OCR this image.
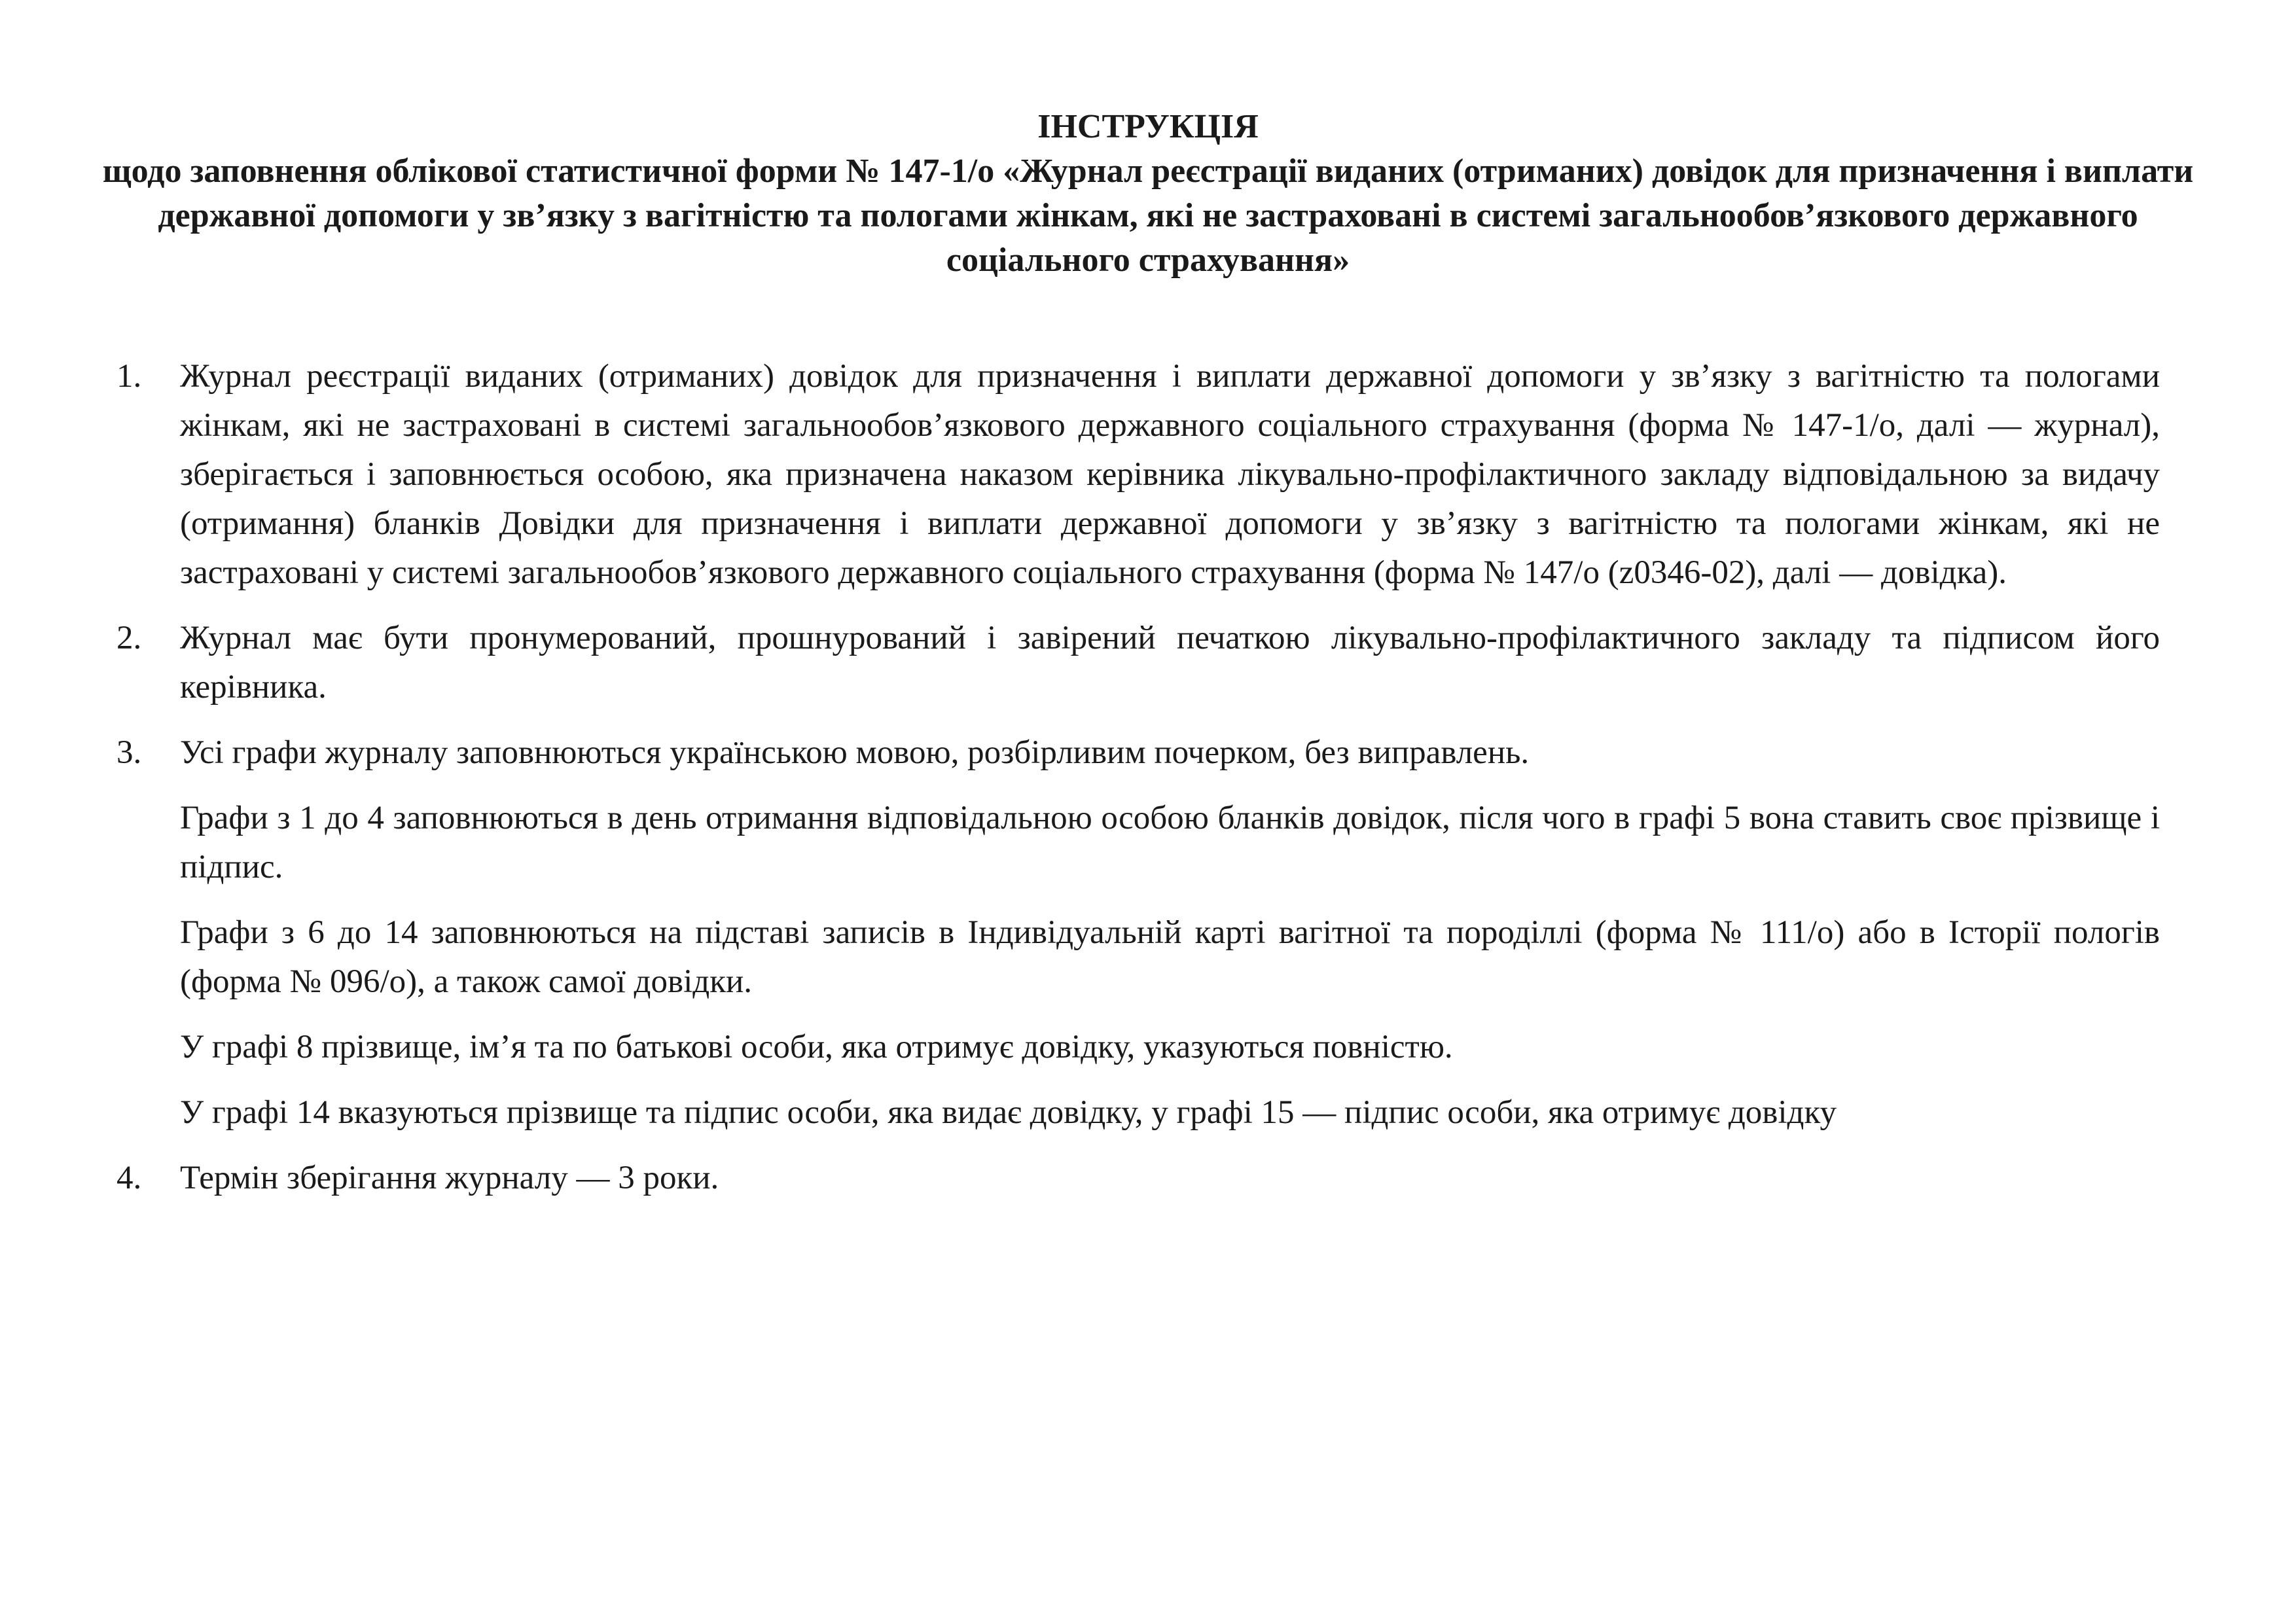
ІНСТРУКЦІЯ
щодо заповнення облікової статистичної форми № 147-1/о «Журнал реєстрації виданих (отриманих) довідок для призначення і виплати державної допомоги у зв’язку з вагітністю та пологами жінкам, які не застраховані в системі загальнообов’язкового державного соціального страхування»
1. Журнал реєстрації виданих (отриманих) довідок для призначення і виплати державної допомоги у зв’язку з вагітністю та пологами жінкам, які не застраховані в системі загальнообов’язкового державного соціального страхування (форма № 147-1/о, далі — журнал), зберігається і заповнюється особою, яка призначена наказом керівника лікувально-профілактичного закладу відповідальною за видачу (отримання) бланків Довідки для призначення і виплати державної допомоги у зв’язку з вагітністю та пологами жінкам, які не застраховані у системі загальнообов’язкового державного соціального страхування (форма № 147/о (z0346-02), далі — довідка).
2. Журнал має бути пронумерований, прошнурований і завірений печаткою лікувально-профілактичного закладу та підписом його керівника.
3. Усі графи журналу заповнюються українською мовою, розбірливим почерком, без виправлень.
Графи з 1 до 4 заповнюються в день отримання відповідальною особою бланків довідок, після чого в графі 5 вона ставить своє прізвище і підпис.
Графи з 6 до 14 заповнюються на підставі записів в Індивідуальній карті вагітної та породіллі (форма № 111/о) або в Історії пологів (форма № 096/о), а також самої довідки.
У графі 8 прізвище, ім’я та по батькові особи, яка отримує довідку, указуються повністю.
У графі 14 вказуються прізвище та підпис особи, яка видає довідку, у графі 15 — підпис особи, яка отримує довідку
4. Термін зберігання журналу — 3 роки.
